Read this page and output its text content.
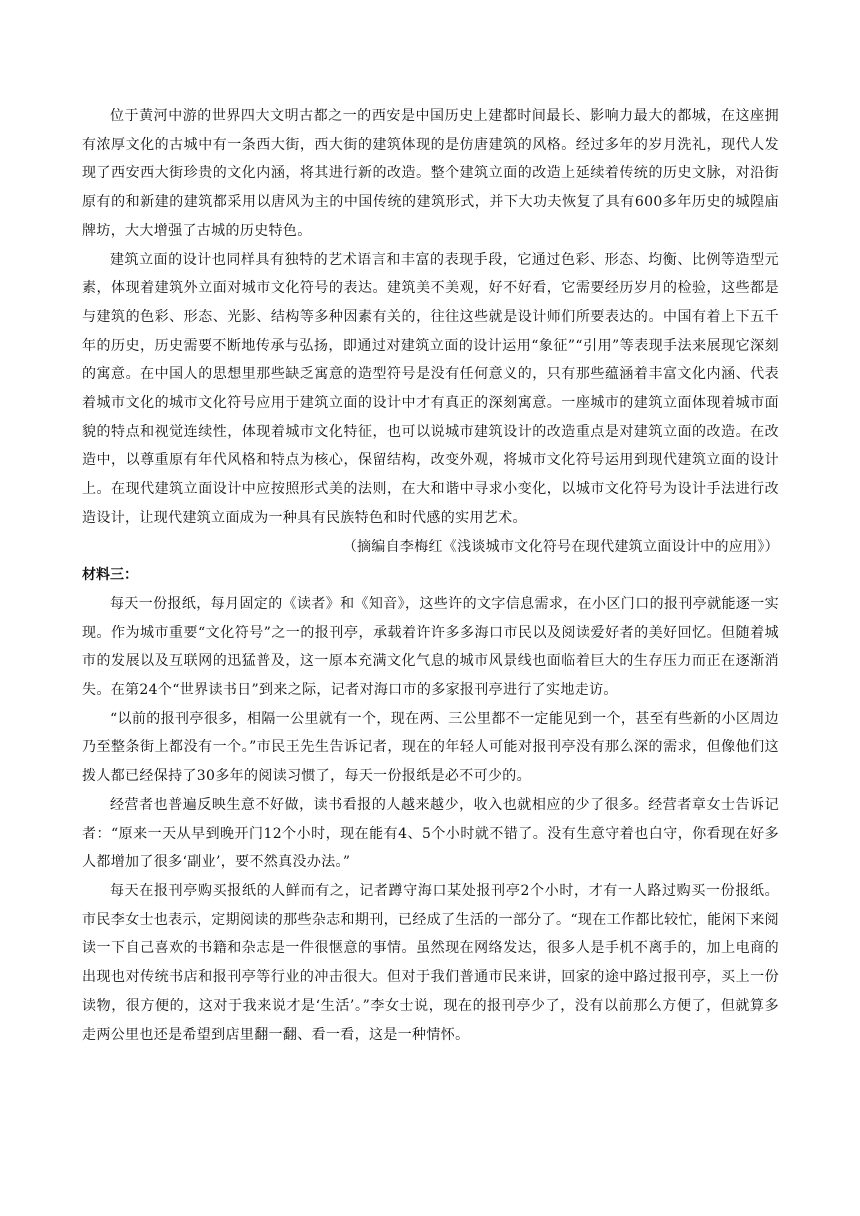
位于黄河中游的世界四大文明古都之一的西安是中国历史上建都时间最长、影响力最大的都城，在这座拥有浓厚文化的古城中有一条西大街，西大街的建筑体现的是仿唐建筑的风格。经过多年的岁月洗礼，现代人发现了西安西大街珍贵的文化内涵，将其进行新的改造。整个建筑立面的改造上延续着传统的历史文脉，对沿街原有的和新建的建筑都采用以唐风为主的中国传统的建筑形式，并下大功夫恢复了具有600多年历史的城隍庙牌坊，大大增强了古城的历史特色。

建筑立面的设计也同样具有独特的艺术语言和丰富的表现手段，它通过色彩、形态、均衡、比例等造型元素，体现着建筑外立面对城市文化符号的表达。建筑美不美观，好不好看，它需要经历岁月的检验，这些都是与建筑的色彩、形态、光影、结构等多种因素有关的，往往这些就是设计师们所要表达的。中国有着上下五千年的历史，历史需要不断地传承与弘扬，即通过对建筑立面的设计运用“象征”“引用”等表现手法来展现它深刻的寓意。在中国人的思想里那些缺乏寓意的造型符号是没有任何意义的，只有那些蕴涵着丰富文化内涵、代表着城市文化的城市文化符号应用于建筑立面的设计中才有真正的深刻寓意。一座城市的建筑立面体现着城市面貌的特点和视觉连续性，体现着城市文化特征，也可以说城市建筑设计的改造重点是对建筑立面的改造。在改造中，以尊重原有年代风格和特点为核心，保留结构，改变外观，将城市文化符号运用到现代建筑立面的设计上。在现代建筑立面设计中应按照形式美的法则，在大和谐中寻求小变化，以城市文化符号为设计手法进行改造设计，让现代建筑立面成为一种具有民族特色和时代感的实用艺术。

（摘编自李梅红《浅谈城市文化符号在现代建筑立面设计中的应用》）

材料三：

每天一份报纸，每月固定的《读者》和《知音》，这些许的文字信息需求，在小区门口的报刊亭就能逐一实现。作为城市重要“文化符号”之一的报刊亭，承载着许许多多海口市民以及阅读爱好者的美好回忆。但随着城市的发展以及互联网的迅猛普及，这一原本充满文化气息的城市风景线也面临着巨大的生存压力而正在逐渐消失。在第24个“世界读书日”到来之际，记者对海口市的多家报刊亭进行了实地走访。

“以前的报刊亭很多，相隔一公里就有一个，现在两、三公里都不一定能见到一个，甚至有些新的小区周边乃至整条街上都没有一个。”市民王先生告诉记者，现在的年轻人可能对报刊亭没有那么深的需求，但像他们这拨人都已经保持了30多年的阅读习惯了，每天一份报纸是必不可少的。

经营者也普遍反映生意不好做，读书看报的人越来越少，收入也就相应的少了很多。经营者章女士告诉记者：“原来一天从早到晚开门12个小时，现在能有4、5个小时就不错了。没有生意守着也白守，你看现在好多人都增加了很多‘副业’，要不然真没办法。”

每天在报刊亭购买报纸的人鲜而有之，记者蹲守海口某处报刊亭2个小时，才有一人路过购买一份报纸。市民李女士也表示，定期阅读的那些杂志和期刊，已经成了生活的一部分了。“现在工作都比较忙，能闲下来阅读一下自己喜欢的书籍和杂志是一件很惬意的事情。虽然现在网络发达，很多人是手机不离手的，加上电商的出现也对传统书店和报刊亭等行业的冲击很大。但对于我们普通市民来讲，回家的途中路过报刊亭，买上一份读物，很方便的，这对于我来说才是‘生活’。”李女士说，现在的报刊亭少了，没有以前那么方便了，但就算多走两公里也还是希望到店里翻一翻、看一看，这是一种情怀。
